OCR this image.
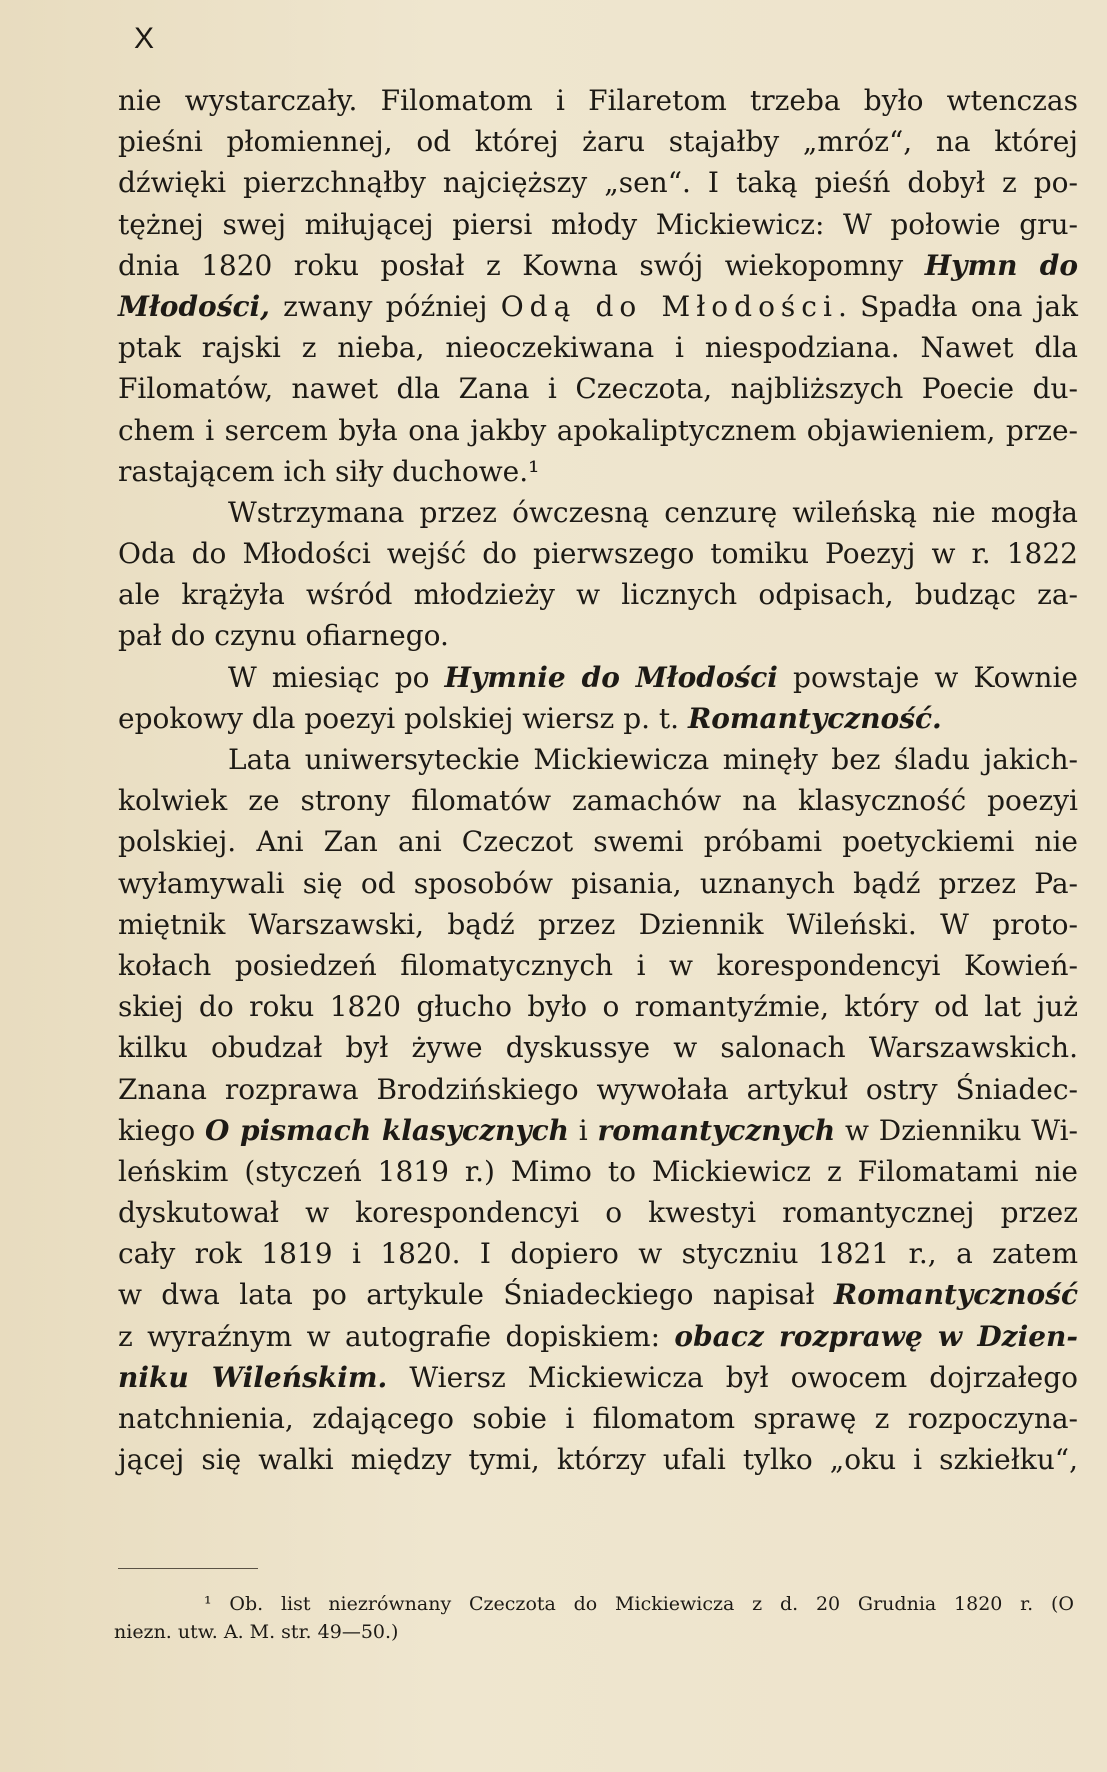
X
nie wystarczały. Filomatom i Filaretom trzeba było wtenczas
pieśni płomiennej, od której żaru stajałby „mróz“, na której
dźwięki pierzchnąłby najcięższy „sen“. I taką pieśń dobył z po-
tężnej swej miłującej piersi młody Mickiewicz: W połowie gru-
dnia 1820 roku posłał z Kowna swój wiekopomny Hymn do
Młodości, zwany później Odą do Młodości. Spadła ona jak
ptak rajski z nieba, nieoczekiwana i niespodziana. Nawet dla
Filomatów, nawet dla Zana i Czeczota, najbliższych Poecie du-
chem i sercem była ona jakby apokaliptycznem objawieniem, prze-
rastającem ich siły duchowe.¹
Wstrzymana przez ówczesną cenzurę wileńską nie mogła
Oda do Młodości wejść do pierwszego tomiku Poezyj w r. 1822
ale krążyła wśród młodzieży w licznych odpisach, budząc za-
pał do czynu ofiarnego.
W miesiąc po Hymnie do Młodości powstaje w Kownie
epokowy dla poezyi polskiej wiersz p. t. Romantyczność.
Lata uniwersyteckie Mickiewicza minęły bez śladu jakich-
kolwiek ze strony filomatów zamachów na klasyczność poezyi
polskiej. Ani Zan ani Czeczot swemi próbami poetyckiemi nie
wyłamywali się od sposobów pisania, uznanych bądź przez Pa-
miętnik Warszawski, bądź przez Dziennik Wileński. W proto-
kołach posiedzeń filomatycznych i w korespondencyi Kowień-
skiej do roku 1820 głucho było o romantyźmie, który od lat już
kilku obudzał był żywe dyskussye w salonach Warszawskich.
Znana rozprawa Brodzińskiego wywołała artykuł ostry Śniadec-
kiego O pismach klasycznych i romantycznych w Dzienniku Wi-
leńskim (styczeń 1819 r.) Mimo to Mickiewicz z Filomatami nie
dyskutował w korespondencyi o kwestyi romantycznej przez
cały rok 1819 i 1820. I dopiero w styczniu 1821 r., a zatem
w dwa lata po artykule Śniadeckiego napisał Romantyczność
z wyraźnym w autografie dopiskiem: obacz rozprawę w Dzien-
niku Wileńskim. Wiersz Mickiewicza był owocem dojrzałego
natchnienia, zdającego sobie i filomatom sprawę z rozpoczyna-
jącej się walki między tymi, którzy ufali tylko „oku i szkiełku“,
¹ Ob. list niezrównany Czeczota do Mickiewicza z d. 20 Grudnia 1820 r. (O
niezn. utw. A. M. str. 49—50.)
